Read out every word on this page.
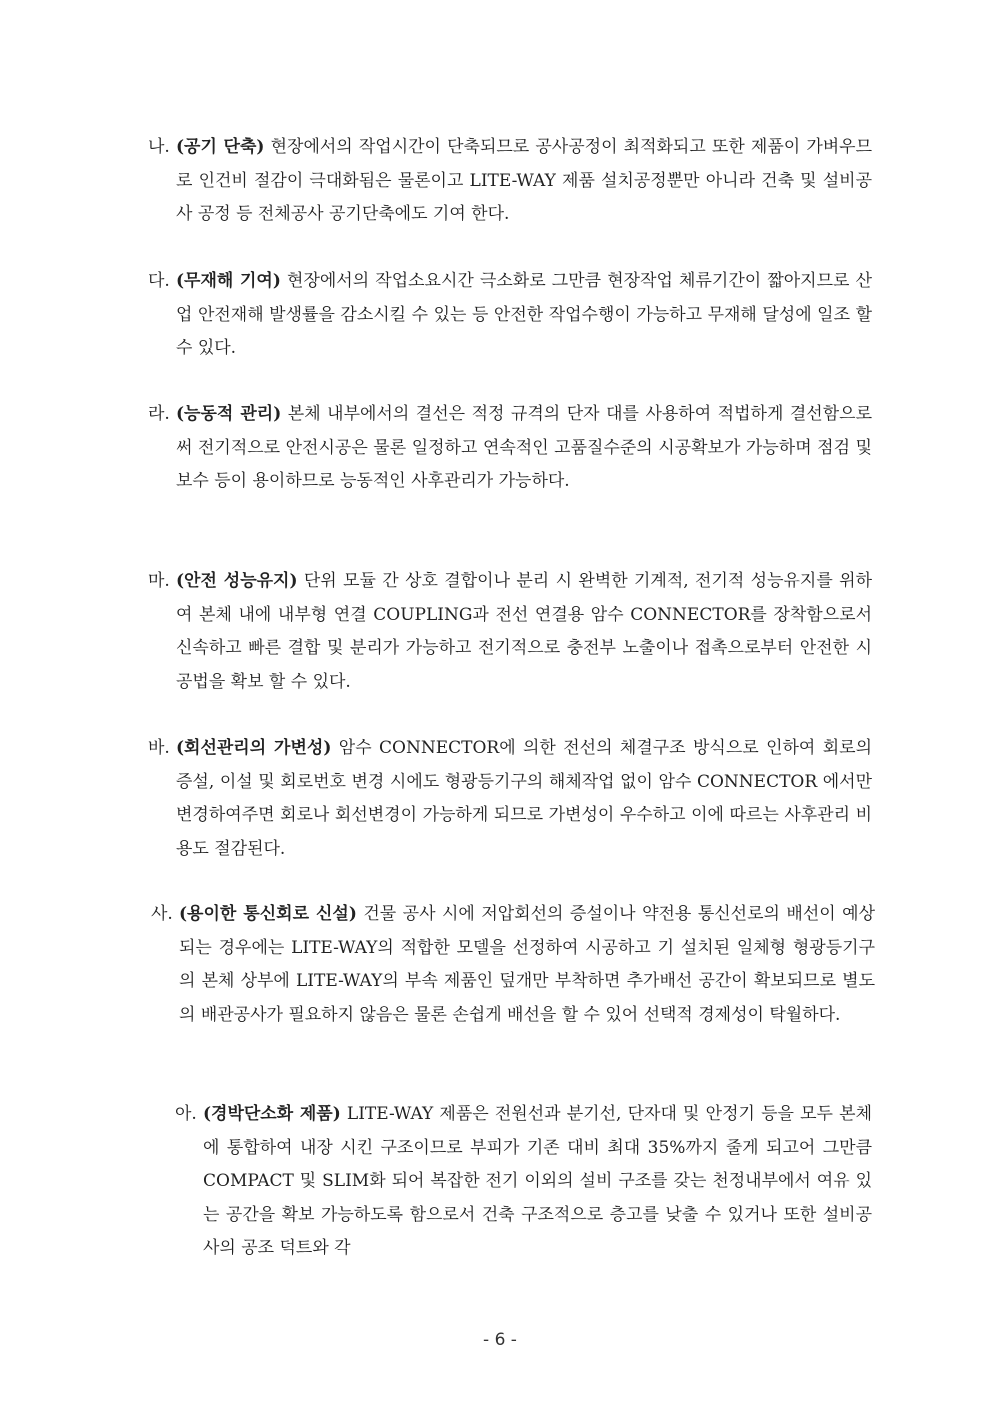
나. (공기 단축) 현장에서의 작업시간이 단축되므로 공사공정이 최적화되고 또한 제품이 가벼우므로 인건비 절감이 극대화됨은 물론이고 LITE-WAY 제품 설치공정뿐만 아니라 건축 및 설비공사 공정 등 전체공사 공기단축에도 기여 한다.
다. (무재해 기여) 현장에서의 작업소요시간 극소화로 그만큼 현장작업 체류기간이 짧아지므로 산업 안전재해 발생률을 감소시킬 수 있는 등 안전한 작업수행이 가능하고 무재해 달성에 일조 할 수 있다.
라. (능동적 관리) 본체 내부에서의 결선은 적정 규격의 단자 대를 사용하여 적법하게 결선함으로써 전기적으로 안전시공은 물론 일정하고 연속적인 고품질수준의 시공확보가 가능하며 점검 및 보수 등이 용이하므로 능동적인 사후관리가 가능하다.
마. (안전 성능유지) 단위 모듈 간 상호 결합이나 분리 시 완벽한 기계적, 전기적 성능유지를 위하여 본체 내에 내부형 연결 COUPLING과 전선 연결용 암수 CONNECTOR를 장착함으로서 신속하고 빠른 결합 및 분리가 가능하고 전기적으로 충전부 노출이나 접촉으로부터 안전한 시공법을 확보 할 수 있다.
바. (회선관리의 가변성) 암수 CONNECTOR에 의한 전선의 체결구조 방식으로 인하여 회로의 증설, 이설 및 회로번호 변경 시에도 형광등기구의 해체작업 없이 암수 CONNECTOR 에서만 변경하여주면 회로나 회선변경이 가능하게 되므로 가변성이 우수하고 이에 따르는 사후관리 비용도 절감된다.
사. (용이한 통신회로 신설) 건물 공사 시에 저압회선의 증설이나 약전용 통신선로의 배선이 예상되는 경우에는 LITE-WAY의 적합한 모델을 선정하여 시공하고 기 설치된 일체형 형광등기구의 본체 상부에 LITE-WAY의 부속 제품인 덮개만 부착하면 추가배선 공간이 확보되므로 별도의 배관공사가 필요하지 않음은 물론 손쉽게 배선을 할 수 있어 선택적 경제성이 탁월하다.
아. (경박단소화 제품) LITE-WAY 제품은 전원선과 분기선, 단자대 및 안정기 등을 모두 본체에 통합하여 내장 시킨 구조이므로 부피가 기존 대비 최대 35%까지 줄게 되고어 그만큼 COMPACT 및 SLIM화 되어 복잡한 전기 이외의 설비 구조를 갖는 천정내부에서 여유 있는 공간을 확보 가능하도록 함으로서 건축 구조적으로 층고를 낮출 수 있거나 또한 설비공사의 공조 덕트와 각
- 6 -
